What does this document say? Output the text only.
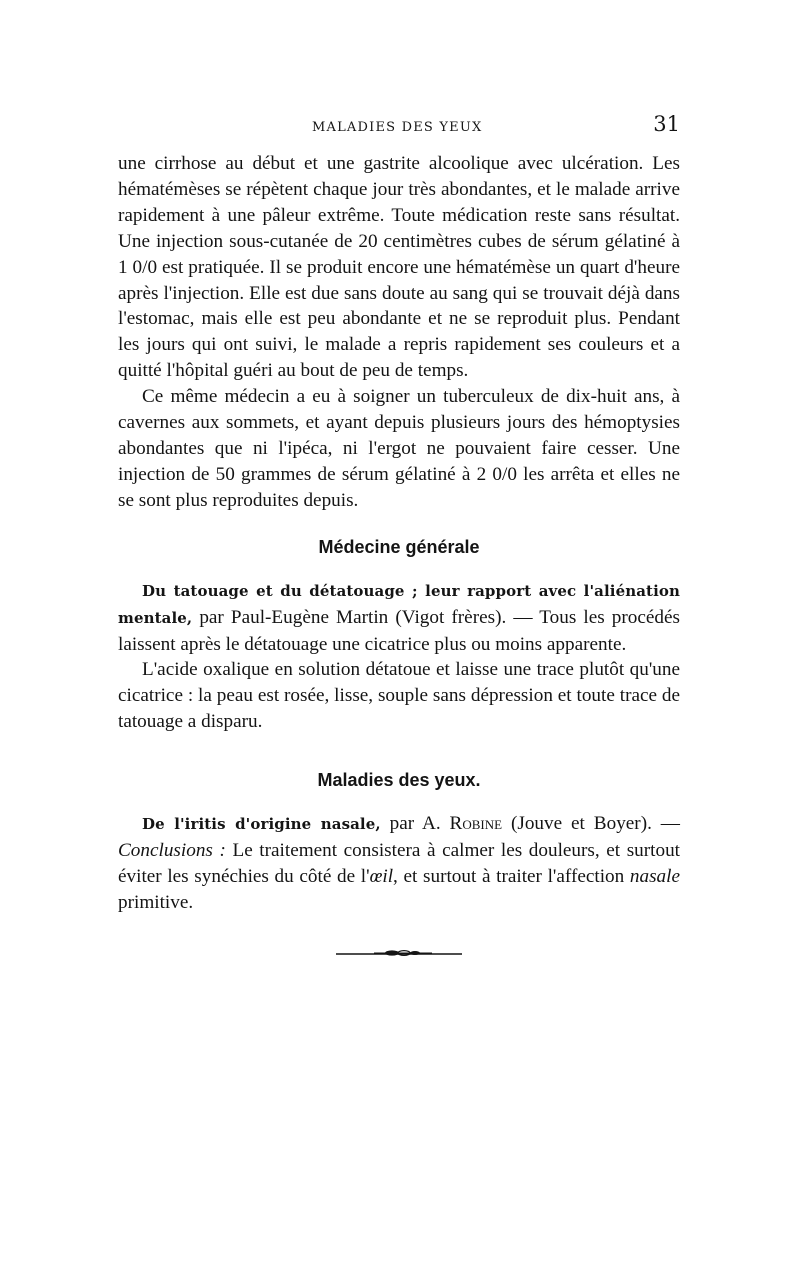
MALADIES DES YEUX	31

une cirrhose au début et une gastrite alcoolique avec ulcération. Les hématémèses se répètent chaque jour très abondantes, et le malade arrive rapidement à une pâleur extrême. Toute médication reste sans résultat. Une injection sous-cutanée de 20 centimètres cubes de sérum gélatiné à 1 0/0 est pratiquée. Il se produit encore une hématémèse un quart d'heure après l'injection. Elle est due sans doute au sang qui se trouvait déjà dans l'estomac, mais elle est peu abondante et ne se reproduit plus. Pendant les jours qui ont suivi, le malade a repris rapidement ses couleurs et a quitté l'hôpital guéri au bout de peu de temps.

Ce même médecin a eu à soigner un tuberculeux de dix-huit ans, à cavernes aux sommets, et ayant depuis plusieurs jours des hémoptysies abondantes que ni l'ipéca, ni l'ergot ne pouvaient faire cesser. Une injection de 50 grammes de sérum gélatiné à 2 0/0 les arrêta et elles ne se sont plus reproduites depuis.

Médecine générale

Du tatouage et du détatouage ; leur rapport avec l'aliénation mentale, par Paul-Eugène Martin (Vigot frères). — Tous les procédés laissent après le détatouage une cicatrice plus ou moins apparente.

L'acide oxalique en solution détatoue et laisse une trace plutôt qu'une cicatrice : la peau est rosée, lisse, souple sans dépression et toute trace de tatouage a disparu.

Maladies des yeux.

De l'iritis d'origine nasale, par A. Robine (Jouve et Boyer). — Conclusions : Le traitement consistera à calmer les douleurs, et surtout éviter les synéchies du côté de l'œil, et surtout à traiter l'affection nasale primitive.
